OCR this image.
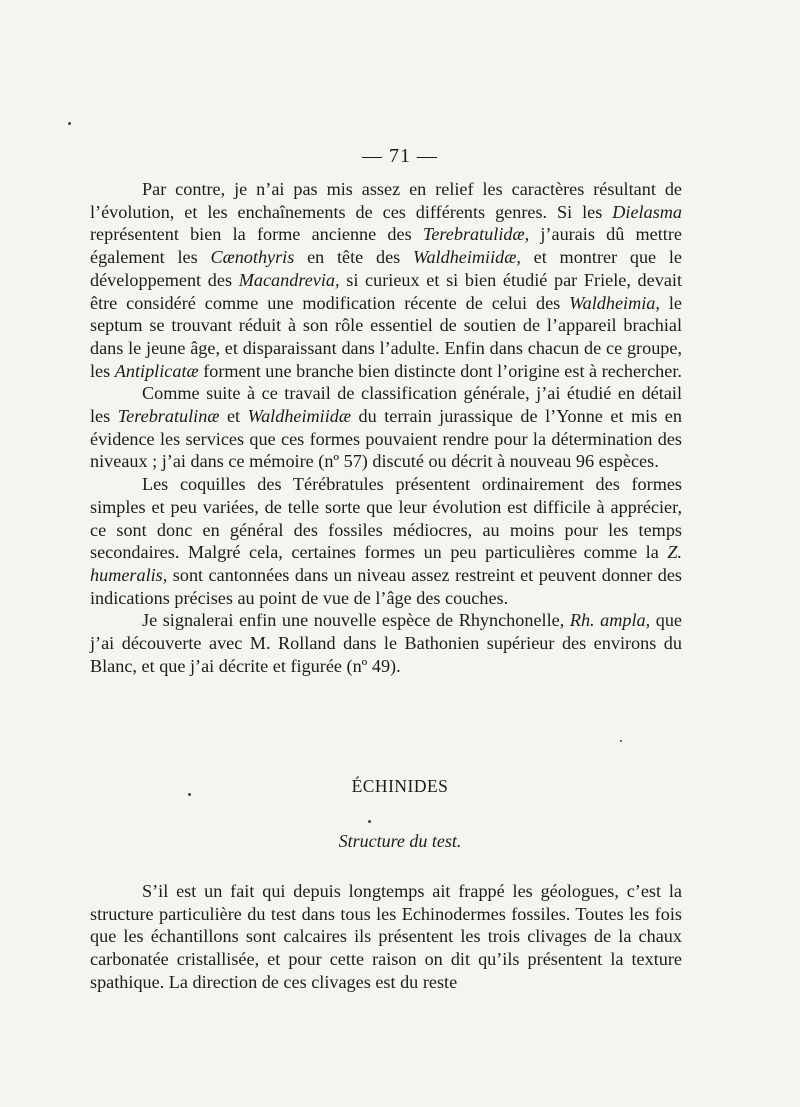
— 71 —

Par contre, je n’ai pas mis assez en relief les caractères résultant de l’évolution, et les enchaînements de ces différents genres. Si les Dielasma représentent bien la forme ancienne des Terebratulidæ, j’aurais dû mettre également les Cænothyris en tête des Waldheimiidæ, et montrer que le développement des Macandrevia, si curieux et si bien étudié par Friele, devait être considéré comme une modification récente de celui des Waldheimia, le septum se trouvant réduit à son rôle essentiel de soutien de l’appareil brachial dans le jeune âge, et disparaissant dans l’adulte. Enfin dans chacun de ce groupe, les Antiplicatæ forment une branche bien distincte dont l’origine est à rechercher.

Comme suite à ce travail de classification générale, j’ai étudié en détail les Terebratulinæ et Waldheimiidæ du terrain jurassique de l’Yonne et mis en évidence les services que ces formes pouvaient rendre pour la détermination des niveaux ; j’ai dans ce mémoire (nº 57) discuté ou décrit à nouveau 96 espèces.

Les coquilles des Térébratules présentent ordinairement des formes simples et peu variées, de telle sorte que leur évolution est difficile à apprécier, ce sont donc en général des fossiles médiocres, au moins pour les temps secondaires. Malgré cela, certaines formes un peu particulières comme la Z. humeralis, sont cantonnées dans un niveau assez restreint et peuvent donner des indications précises au point de vue de l’âge des couches.

Je signalerai enfin une nouvelle espèce de Rhynchonelle, Rh. ampla, que j’ai découverte avec M. Rolland dans le Bathonien supérieur des environs du Blanc, et que j’ai décrite et figurée (nº 49).

ÉCHINIDES
Structure du test.

S’il est un fait qui depuis longtemps ait frappé les géologues, c’est la structure particulière du test dans tous les Echinodermes fossiles. Toutes les fois que les échantillons sont calcaires ils présentent les trois clivages de la chaux carbonatée cristallisée, et pour cette raison on dit qu’ils présentent la texture spathique. La direction de ces clivages est du reste
